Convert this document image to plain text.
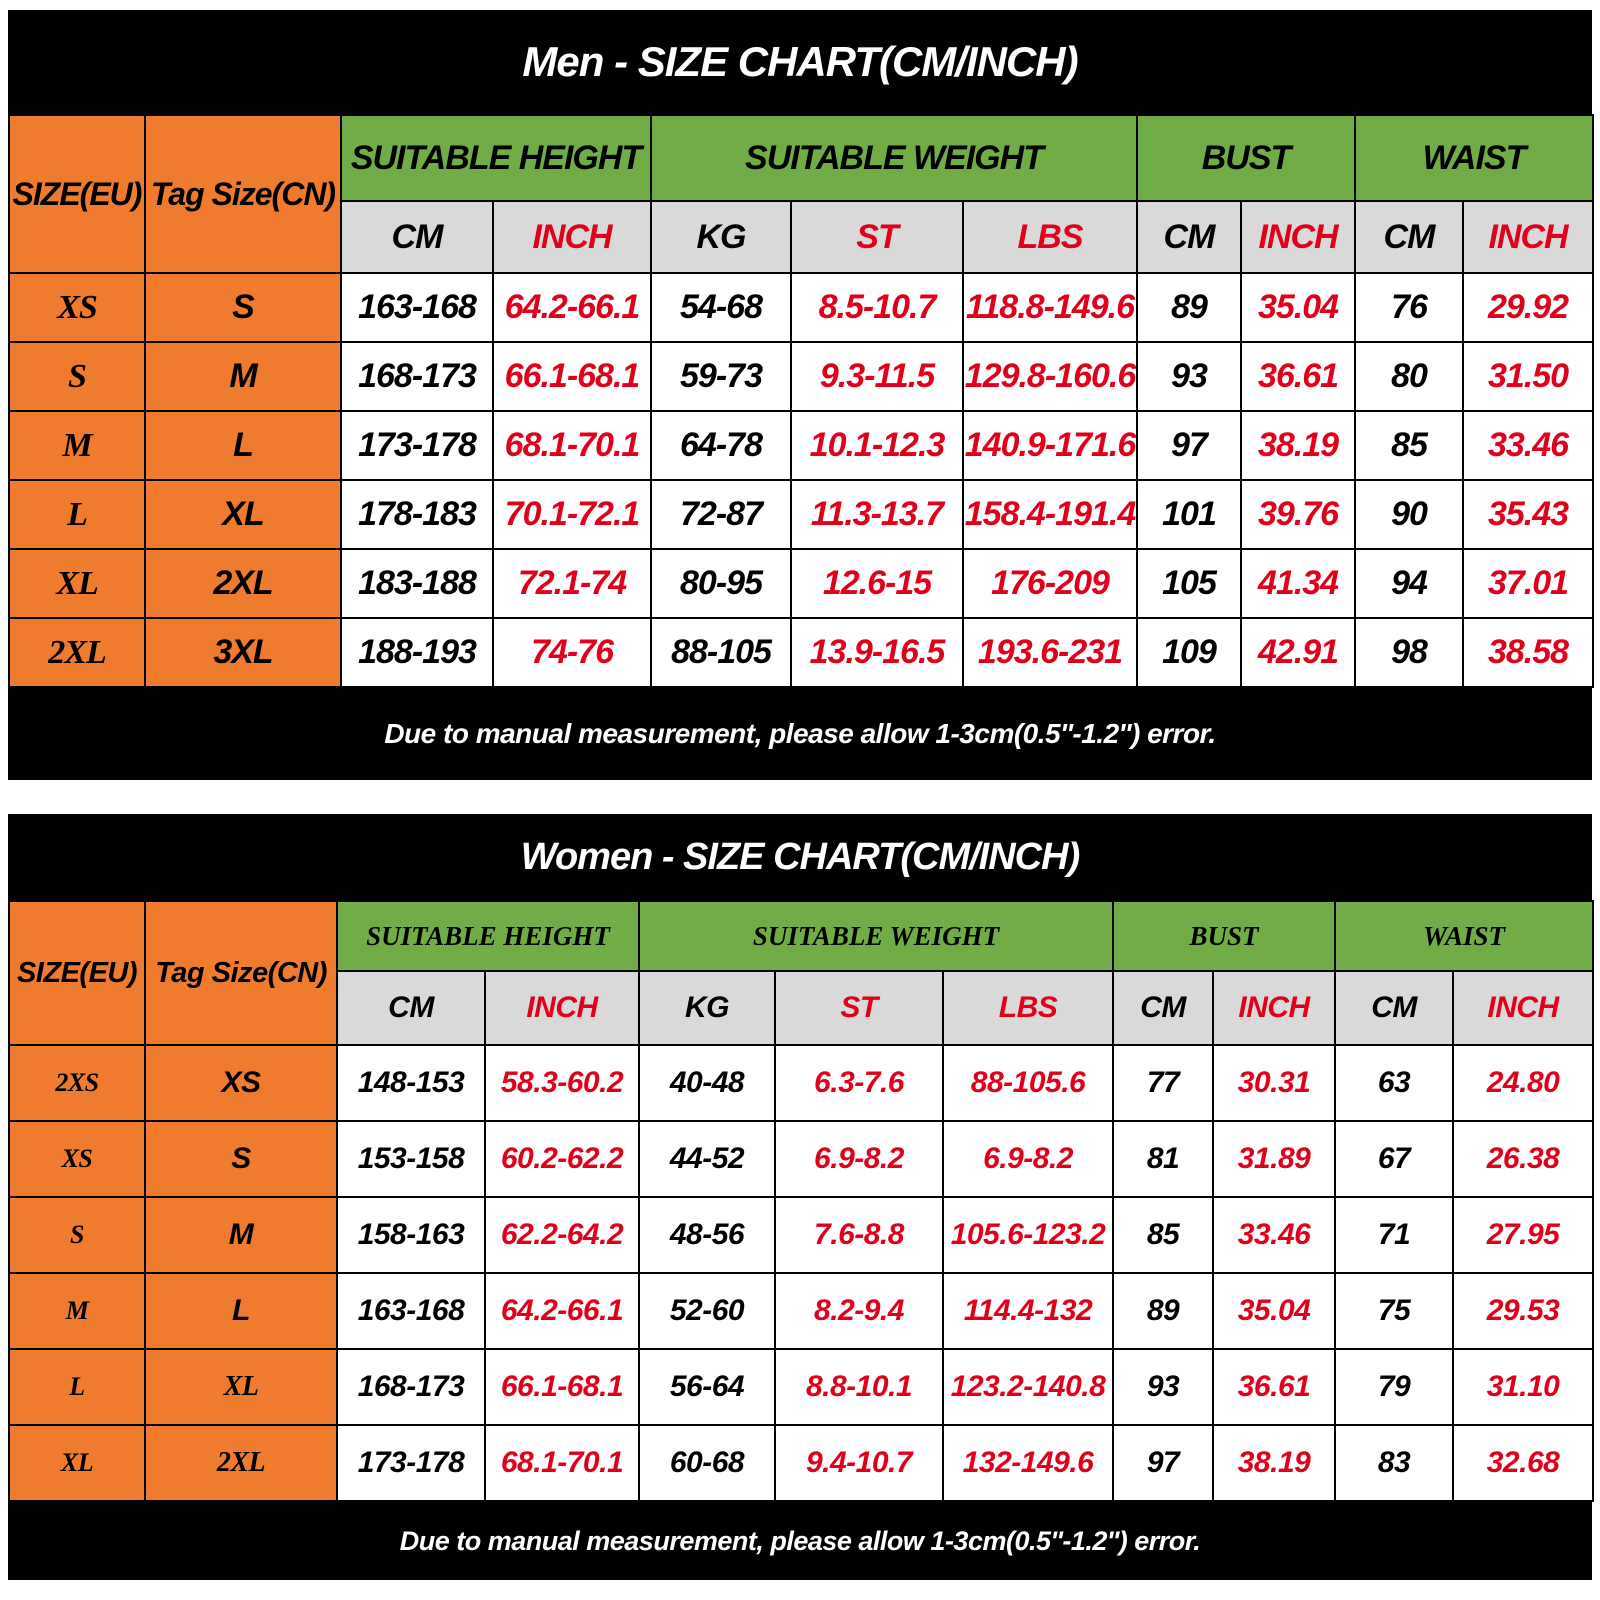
Men - SIZE CHART(CM/INCH)
SIZE(EU)	Tag Size(CN)	SUITABLE HEIGHT		SUITABLE WEIGHT			BUST		WAIST	
		CM	INCH	KG	ST	LBS	CM	INCH	CM	INCH
XS	S	163-168	64.2-66.1	54-68	8.5-10.7	118.8-149.6	89	35.04	76	29.92
S	M	168-173	66.1-68.1	59-73	9.3-11.5	129.8-160.6	93	36.61	80	31.50
M	L	173-178	68.1-70.1	64-78	10.1-12.3	140.9-171.6	97	38.19	85	33.46
L	XL	178-183	70.1-72.1	72-87	11.3-13.7	158.4-191.4	101	39.76	90	35.43
XL	2XL	183-188	72.1-74	80-95	12.6-15	176-209	105	41.34	94	37.01
2XL	3XL	188-193	74-76	88-105	13.9-16.5	193.6-231	109	42.91	98	38.58
Due to manual measurement, please allow 1-3cm(0.5''-1.2'') error.
Women - SIZE CHART(CM/INCH)
SIZE(EU)	Tag Size(CN)	SUITABLE HEIGHT		SUITABLE WEIGHT			BUST		WAIST	
		CM	INCH	KG	ST	LBS	CM	INCH	CM	INCH
2XS	XS	148-153	58.3-60.2	40-48	6.3-7.6	88-105.6	77	30.31	63	24.80
XS	S	153-158	60.2-62.2	44-52	6.9-8.2	6.9-8.2	81	31.89	67	26.38
S	M	158-163	62.2-64.2	48-56	7.6-8.8	105.6-123.2	85	33.46	71	27.95
M	L	163-168	64.2-66.1	52-60	8.2-9.4	114.4-132	89	35.04	75	29.53
L	XL	168-173	66.1-68.1	56-64	8.8-10.1	123.2-140.8	93	36.61	79	31.10
XL	2XL	173-178	68.1-70.1	60-68	9.4-10.7	132-149.6	97	38.19	83	32.68
Due to manual measurement, please allow 1-3cm(0.5''-1.2'') error.
